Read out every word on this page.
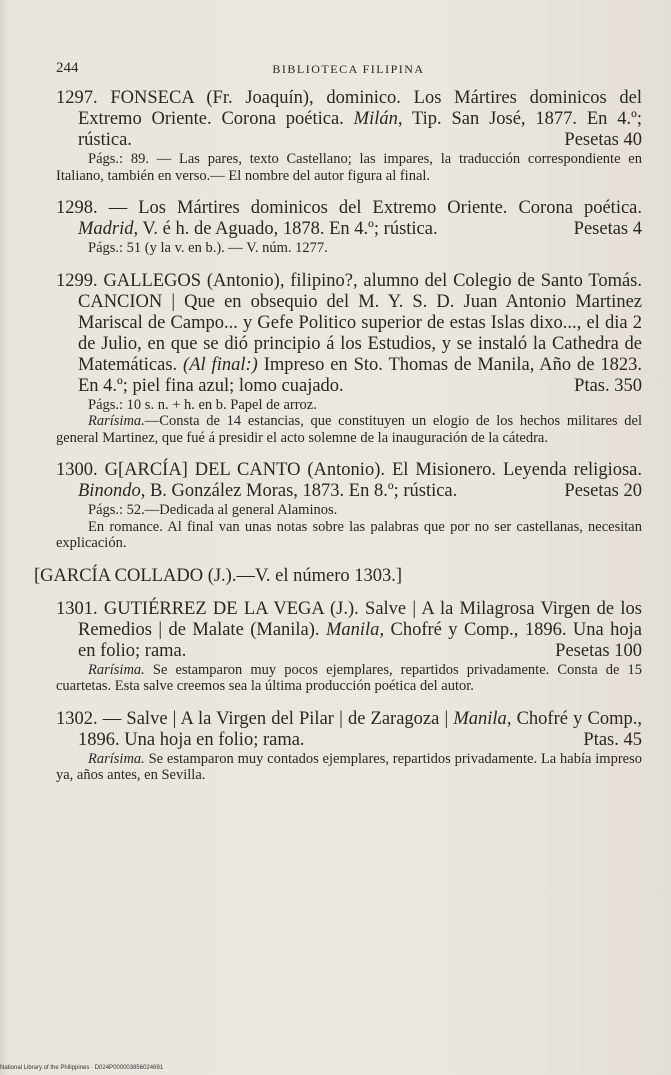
244	BIBLIOTECA FILIPINA
1297. FONSECA (Fr. Joaquín), dominico. Los Mártires dominicos del Extremo Oriente. Corona poética. Milán, Tip. San José, 1877. En 4.º; rústica.	Pesetas 40
Págs.: 89. — Las pares, texto Castellano; las impares, la traducción correspondiente en Italiano, también en verso.— El nombre del autor figura al final.
1298. — Los Mártires dominicos del Extremo Oriente. Corona poética. Madrid, V. é h. de Aguado, 1878. En 4.º; rústica.	Pesetas 4
Págs.: 51 (y la v. en b.). — V. núm. 1277.
1299. GALLEGOS (Antonio), filipino?, alumno del Colegio de Santo Tomás. CANCION | Que en obsequio del M. Y. S. D. Juan Antonio Martinez Mariscal de Campo... y Gefe Politico superior de estas Islas dixo..., el dia 2 de Julio, en que se dió principio á los Estudios, y se instaló la Cathedra de Matemáticas. (Al final:) Impreso en Sto. Thomas de Manila, Año de 1823. En 4.º; piel fina azul; lomo cuajado.	Ptas. 350
Págs.: 10 s. n. + h. en b. Papel de arroz.
Rarísima.—Consta de 14 estancias, que constituyen un elogio de los hechos militares del general Martinez, que fué á presidir el acto solemne de la inauguración de la cátedra.
1300. G[ARCÍA] DEL CANTO (Antonio). El Misionero. Leyenda religiosa. Binondo, B. González Moras, 1873. En 8.º; rústica.	Pesetas 20
Págs.: 52.—Dedicada al general Alaminos.
En romance. Al final van unas notas sobre las palabras que por no ser castellanas, necesitan explicación.
[GARCÍA COLLADO (J.).—V. el número 1303.]
1301. GUTIÉRREZ DE LA VEGA (J.). Salve | A la Milagrosa Virgen de los Remedios | de Malate (Manila). Manila, Chofré y Comp., 1896. Una hoja en folio; rama.	Pesetas 100
Rarísima. Se estamparon muy pocos ejemplares, repartidos privadamente. Consta de 15 cuartetas. Esta salve creemos sea la última producción poética del autor.
1302. — Salve | A la Virgen del Pilar | de Zaragoza | Manila, Chofré y Comp., 1896. Una hoja en folio; rama.	Ptas. 45
Rarísima. Se estamparon muy contados ejemplares, repartidos privadamente. La había impreso ya, años antes, en Sevilla.
National Library of the Philippines · D024P000003856024691
